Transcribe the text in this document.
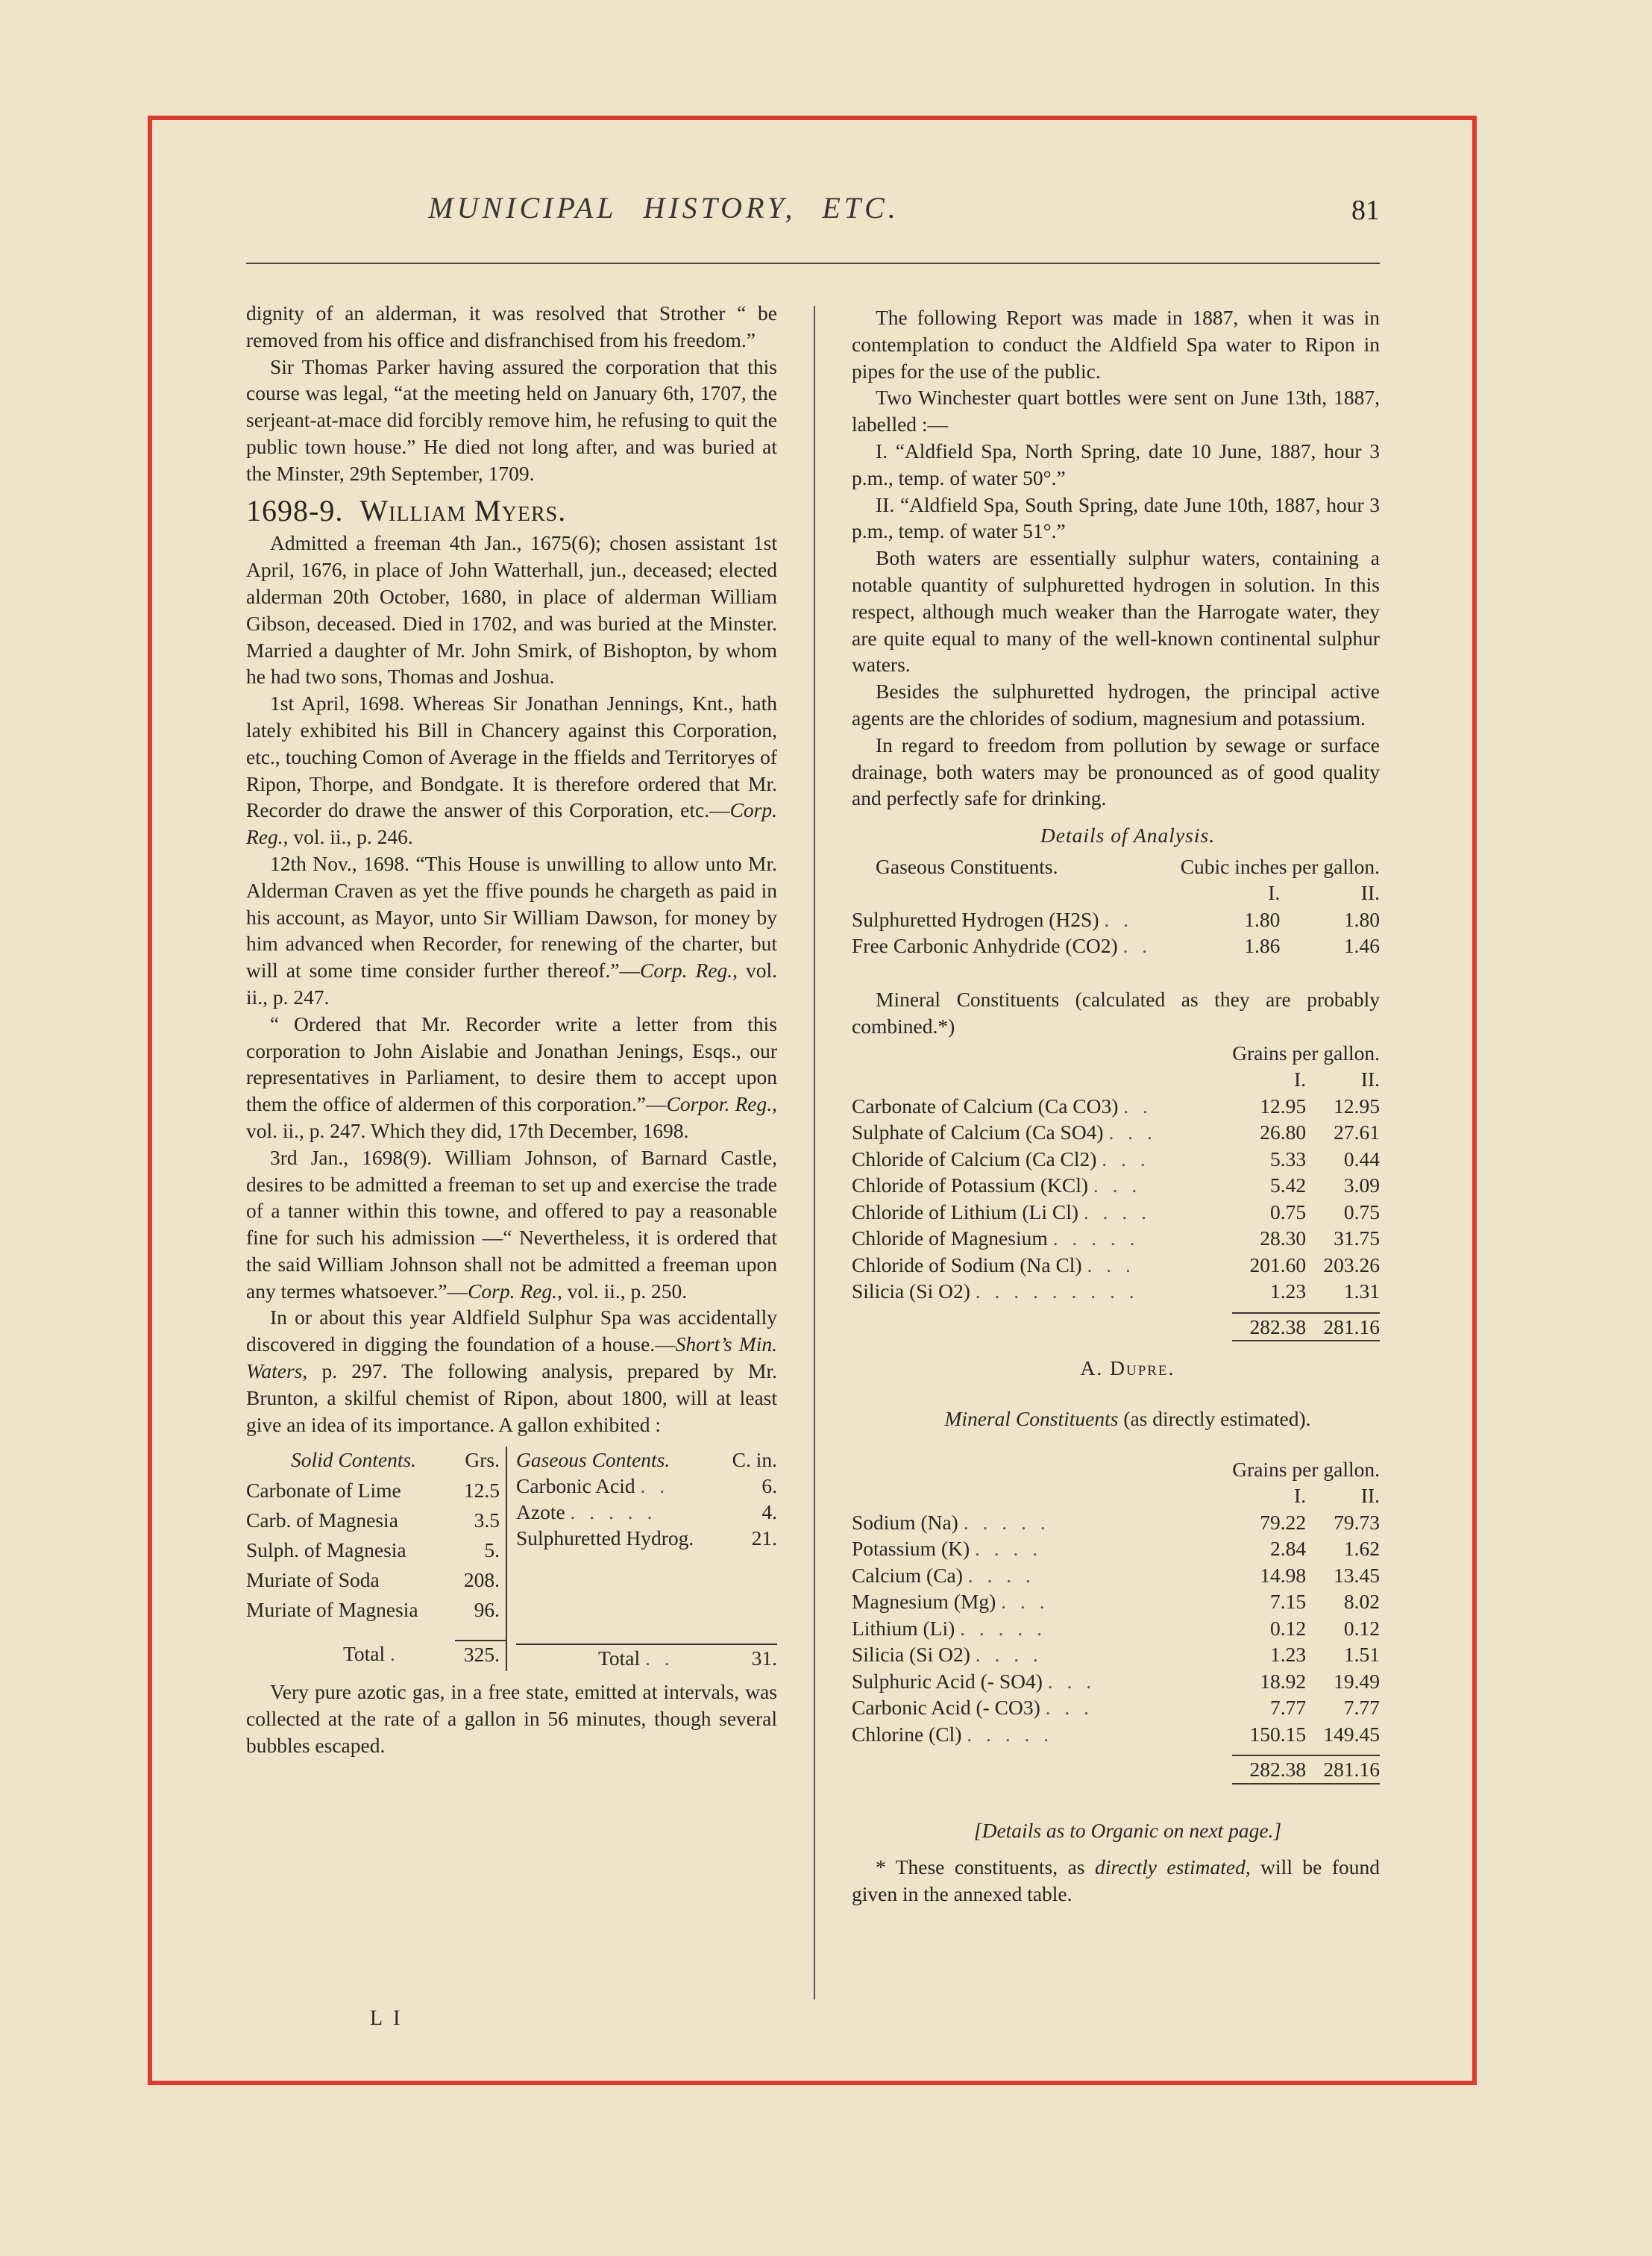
MUNICIPAL HISTORY, ETC.	81

dignity of an alderman, it was resolved that Strother “ be removed from his office and disfranchised from his freedom.”

Sir Thomas Parker having assured the corporation that this course was legal, “at the meeting held on January 6th, 1707, the serjeant-at-mace did forcibly remove him, he refusing to quit the public town house.” He died not long after, and was buried at the Minster, 29th September, 1709.

1698-9. William Myers.

Admitted a freeman 4th Jan., 1675(6); chosen assistant 1st April, 1676, in place of John Watterhall, jun., deceased; elected alderman 20th October, 1680, in place of alderman William Gibson, deceased. Died in 1702, and was buried at the Minster. Married a daughter of Mr. John Smirk, of Bishopton, by whom he had two sons, Thomas and Joshua.

1st April, 1698. Whereas Sir Jonathan Jennings, Knt., hath lately exhibited his Bill in Chancery against this Corporation, etc., touching Comon of Average in the ffields and Territoryes of Ripon, Thorpe, and Bondgate. It is therefore ordered that Mr. Recorder do drawe the answer of this Corporation, etc.—Corp. Reg., vol. ii., p. 246.

12th Nov., 1698. “This House is unwilling to allow unto Mr. Alderman Craven as yet the ffive pounds he chargeth as paid in his account, as Mayor, unto Sir William Dawson, for money by him advanced when Recorder, for renewing of the charter, but will at some time consider further thereof.”—Corp. Reg., vol. ii., p. 247.

“ Ordered that Mr. Recorder write a letter from this corporation to John Aislabie and Jonathan Jenings, Esqs., our representatives in Parliament, to desire them to accept upon them the office of aldermen of this corporation.”—Corpor. Reg., vol. ii., p. 247. Which they did, 17th December, 1698.

3rd Jan., 1698(9). William Johnson, of Barnard Castle, desires to be admitted a freeman to set up and exercise the trade of a tanner within this towne, and offered to pay a reasonable fine for such his admission —“ Nevertheless, it is ordered that the said William Johnson shall not be admitted a freeman upon any termes whatsoever.”—Corp. Reg., vol. ii., p. 250.

In or about this year Aldfield Sulphur Spa was accidentally discovered in digging the foundation of a house.—Short’s Min. Waters, p. 297. The following analysis, prepared by Mr. Brunton, a skilful chemist of Ripon, about 1800, will at least give an idea of its importance. A gallon exhibited :

Solid Contents.	Grs.
Carbonate of Lime	12.5
Carb. of Magnesia	3.5
Sulph. of Magnesia	5.
Muriate of Soda	208.
Muriate of Magnesia	96.

Total .	325.
Gaseous Contents.	C. in.
Carbonic Acid . .	6.
Azote . . . . .	4.
Sulphuretted Hydrog.	21.

Total . .	31.

Very pure azotic gas, in a free state, emitted at intervals, was collected at the rate of a gallon in 56 minutes, though several bubbles escaped.

L I

The following Report was made in 1887, when it was in contemplation to conduct the Aldfield Spa water to Ripon in pipes for the use of the public.

Two Winchester quart bottles were sent on June 13th, 1887, labelled :—

I. “Aldfield Spa, North Spring, date 10 June, 1887, hour 3 p.m., temp. of water 50°.”

II. “Aldfield Spa, South Spring, date June 10th, 1887, hour 3 p.m., temp. of water 51°.”

Both waters are essentially sulphur waters, containing a notable quantity of sulphuretted hydrogen in solution. In this respect, although much weaker than the Harrogate water, they are quite equal to many of the well-known continental sulphur waters.

Besides the sulphuretted hydrogen, the principal active agents are the chlorides of sodium, magnesium and potassium.

In regard to freedom from pollution by sewage or surface drainage, both waters may be pronounced as of good quality and perfectly safe for drinking.

Details of Analysis.

Gaseous Constituents.	Cubic inches per gallon.	
	I.	II.
Sulphuretted Hydrogen (H2S) . .	1.80	1.80
Free Carbonic Anhydride (CO2) . .	1.86	1.46

Mineral Constituents (calculated as they are probably combined.*)

	Grains per gallon.	
	I.	II.
Carbonate of Calcium (Ca CO3) . .	12.95	12.95
Sulphate of Calcium (Ca SO4) . . .	26.80	27.61
Chloride of Calcium (Ca Cl2) . . .	5.33	0.44
Chloride of Potassium (KCl) . . .	5.42	3.09
Chloride of Lithium (Li Cl) . . . .	0.75	0.75
Chloride of Magnesium . . . . .	28.30	31.75
Chloride of Sodium (Na Cl) . . .	201.60	203.26
Silicia (Si O2) . . . . . . . . .	1.23	1.31

	282.38	281.16

A. Dupre.

Mineral Constituents (as directly estimated).

	Grains per gallon.	
	I.	II.
Sodium (Na) . . . . .	79.22	79.73
Potassium (K) . . . .	2.84	1.62
Calcium (Ca) . . . .	14.98	13.45
Magnesium (Mg) . . .	7.15	8.02
Lithium (Li) . . . . .	0.12	0.12
Silicia (Si O2) . . . .	1.23	1.51
Sulphuric Acid (- SO4) . . .	18.92	19.49
Carbonic Acid (- CO3) . . .	7.77	7.77
Chlorine (Cl) . . . . .	150.15	149.45

	282.38	281.16

[Details as to Organic on next page.]

* These constituents, as directly estimated, will be found given in the annexed table.
